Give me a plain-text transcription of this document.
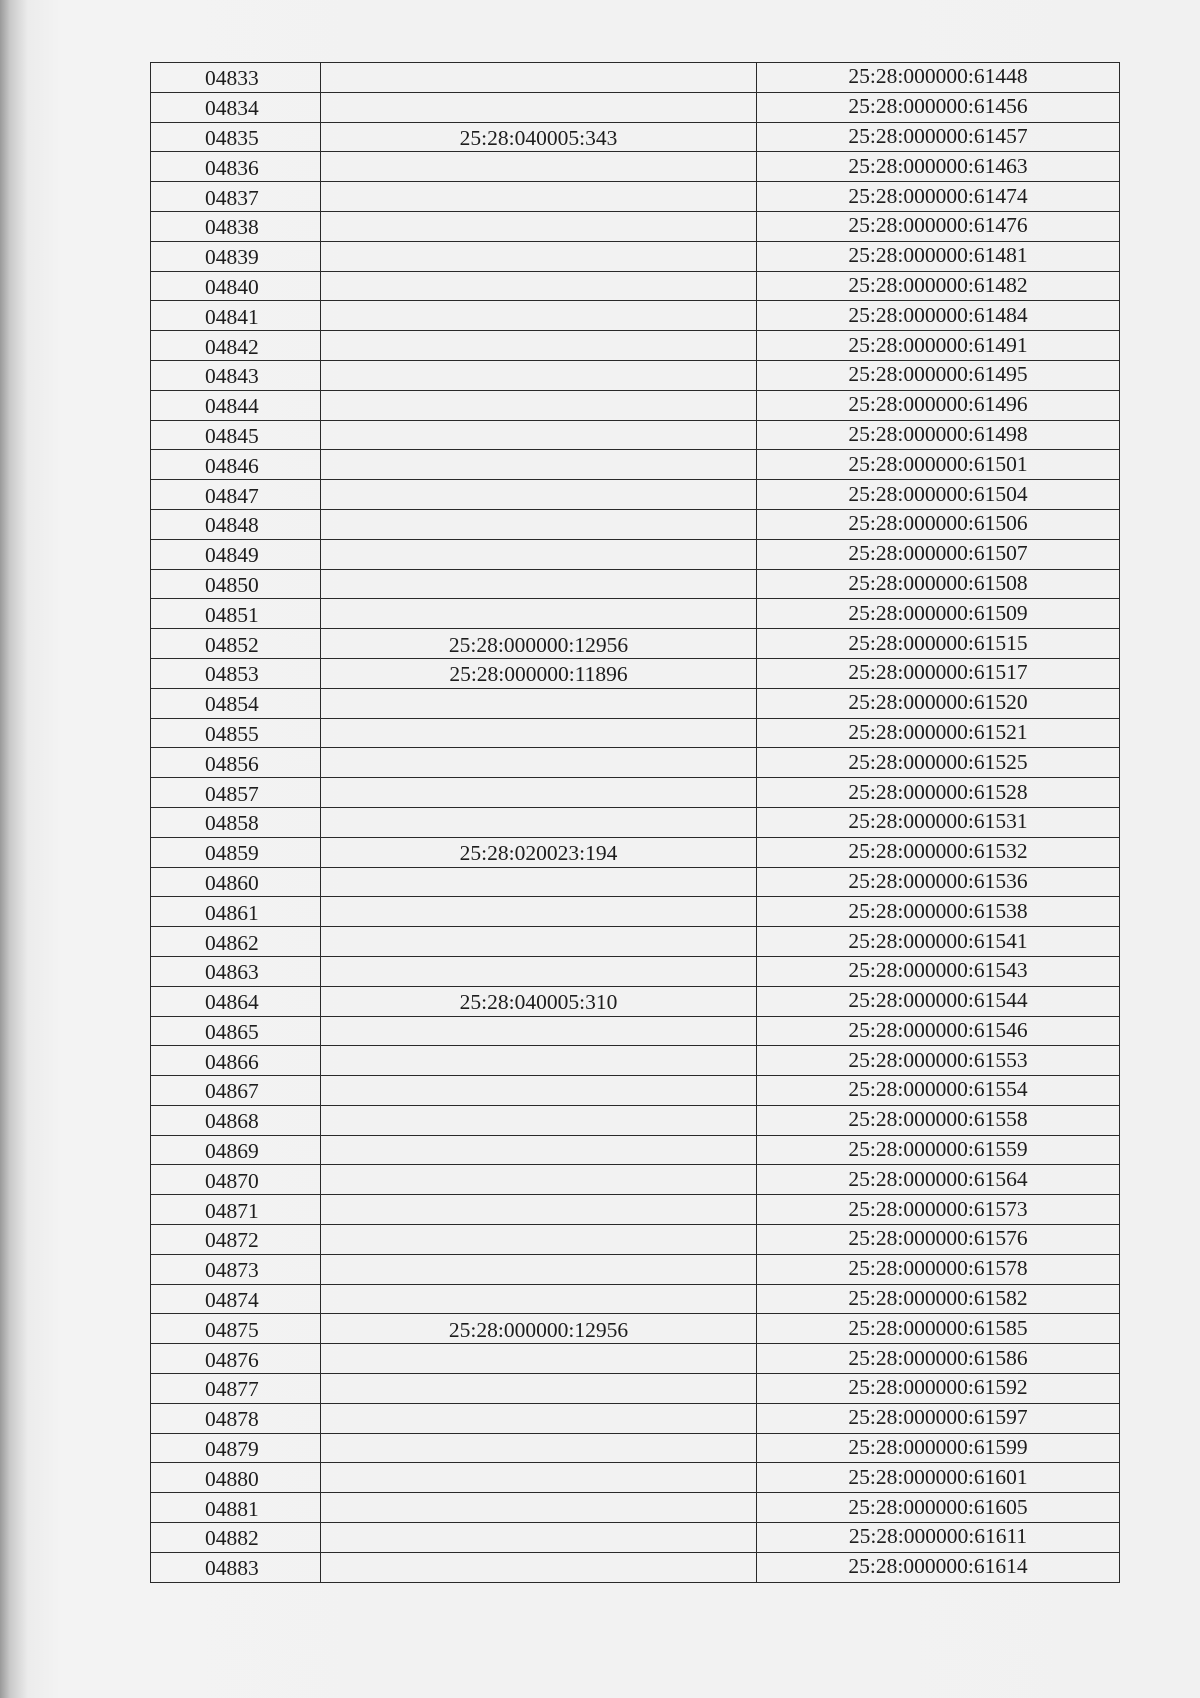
04833		25:28:000000:61448
04834		25:28:000000:61456
04835	25:28:040005:343	25:28:000000:61457
04836		25:28:000000:61463
04837		25:28:000000:61474
04838		25:28:000000:61476
04839		25:28:000000:61481
04840		25:28:000000:61482
04841		25:28:000000:61484
04842		25:28:000000:61491
04843		25:28:000000:61495
04844		25:28:000000:61496
04845		25:28:000000:61498
04846		25:28:000000:61501
04847		25:28:000000:61504
04848		25:28:000000:61506
04849		25:28:000000:61507
04850		25:28:000000:61508
04851		25:28:000000:61509
04852	25:28:000000:12956	25:28:000000:61515
04853	25:28:000000:11896	25:28:000000:61517
04854		25:28:000000:61520
04855		25:28:000000:61521
04856		25:28:000000:61525
04857		25:28:000000:61528
04858		25:28:000000:61531
04859	25:28:020023:194	25:28:000000:61532
04860		25:28:000000:61536
04861		25:28:000000:61538
04862		25:28:000000:61541
04863		25:28:000000:61543
04864	25:28:040005:310	25:28:000000:61544
04865		25:28:000000:61546
04866		25:28:000000:61553
04867		25:28:000000:61554
04868		25:28:000000:61558
04869		25:28:000000:61559
04870		25:28:000000:61564
04871		25:28:000000:61573
04872		25:28:000000:61576
04873		25:28:000000:61578
04874		25:28:000000:61582
04875	25:28:000000:12956	25:28:000000:61585
04876		25:28:000000:61586
04877		25:28:000000:61592
04878		25:28:000000:61597
04879		25:28:000000:61599
04880		25:28:000000:61601
04881		25:28:000000:61605
04882		25:28:000000:61611
04883		25:28:000000:61614
